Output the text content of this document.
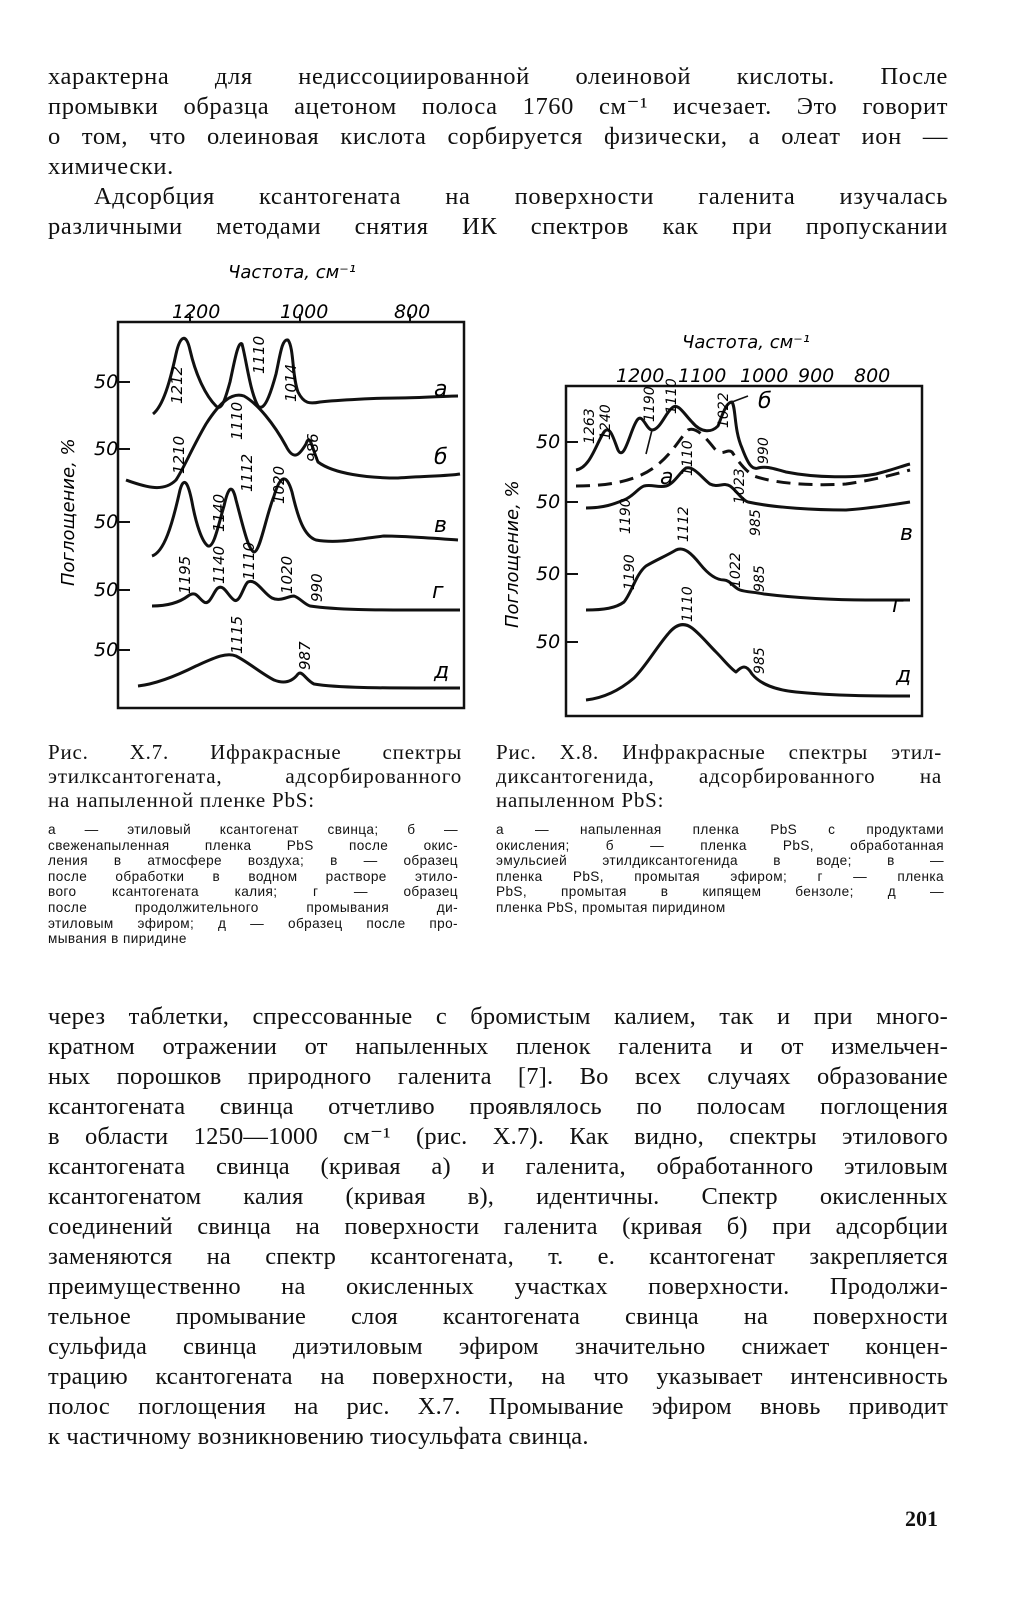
характерна для недиссоциированной олеиновой кислоты. После
промывки образца ацетоном полоса 1760 см⁻¹ исчезает. Это говорит
о том, что олеиновая кислота сорбируется физически, а олеат ион —
химически.
Адсорбция ксантогената на поверхности галенита изучалась
различными методами снятия ИК спектров как при пропускании
Частота, см⁻¹
1200	1000	800
Поглощение, %
50
50
50
50
50
1212
1110
1014
1210
1110
986
1140
1112 1020
1195 1140 1110 1020 990
1115
987
а
б
в
г
д
Частота, см⁻¹
1200 1100 1000 900 800
Поглощение, %
50
50
50
50
1263 1240
1190 1110	1022
990
1110
1023
1190	985
1190
1112
1022 985
1110
985
б
а
в
г
д
Рис. X.7. Ифракрасные спектры
этилксантогената, адсорбированного
на напыленной пленке PbS:
Рис. X.8. Инфракрасные спектры этил-
диксантогенида, адсорбированного на
напыленном PbS:
а — этиловый ксантогенат свинца; б —
свеженапыленная пленка PbS после окис-
ления в атмосфере воздуха; в — образец
после обработки в водном растворе этило-
вого ксантогената калия; г — образец
после продолжительного промывания ди-
этиловым эфиром; д — образец после про-
мывания в пиридине
а — напыленная пленка PbS с продуктами
окисления; б — пленка PbS, обработанная
эмульсией этилдиксантогенида в воде; в —
пленка PbS, промытая эфиром; г — пленка
PbS, промытая в кипящем бензоле; д —
пленка PbS, промытая пиридином
через таблетки, спрессованные с бромистым калием, так и при много-
кратном отражении от напыленных пленок галенита и от измельчен-
ных порошков природного галенита [7]. Во всех случаях образование
ксантогената свинца отчетливо проявлялось по полосам поглощения
в области 1250—1000 см⁻¹ (рис. X.7). Как видно, спектры этилового
ксантогената свинца (кривая а) и галенита, обработанного этиловым
ксантогенатом калия (кривая в), идентичны. Спектр окисленных
соединений свинца на поверхности галенита (кривая б) при адсорбции
заменяются на спектр ксантогената, т. е. ксантогенат закрепляется
преимущественно на окисленных участках поверхности. Продолжи-
тельное промывание слоя ксантогената свинца на поверхности
сульфида свинца диэтиловым эфиром значительно снижает концен-
трацию ксантогената на поверхности, на что указывает интенсивность
полос поглощения на рис. X.7. Промывание эфиром вновь приводит
к частичному возникновению тиосульфата свинца.
201
